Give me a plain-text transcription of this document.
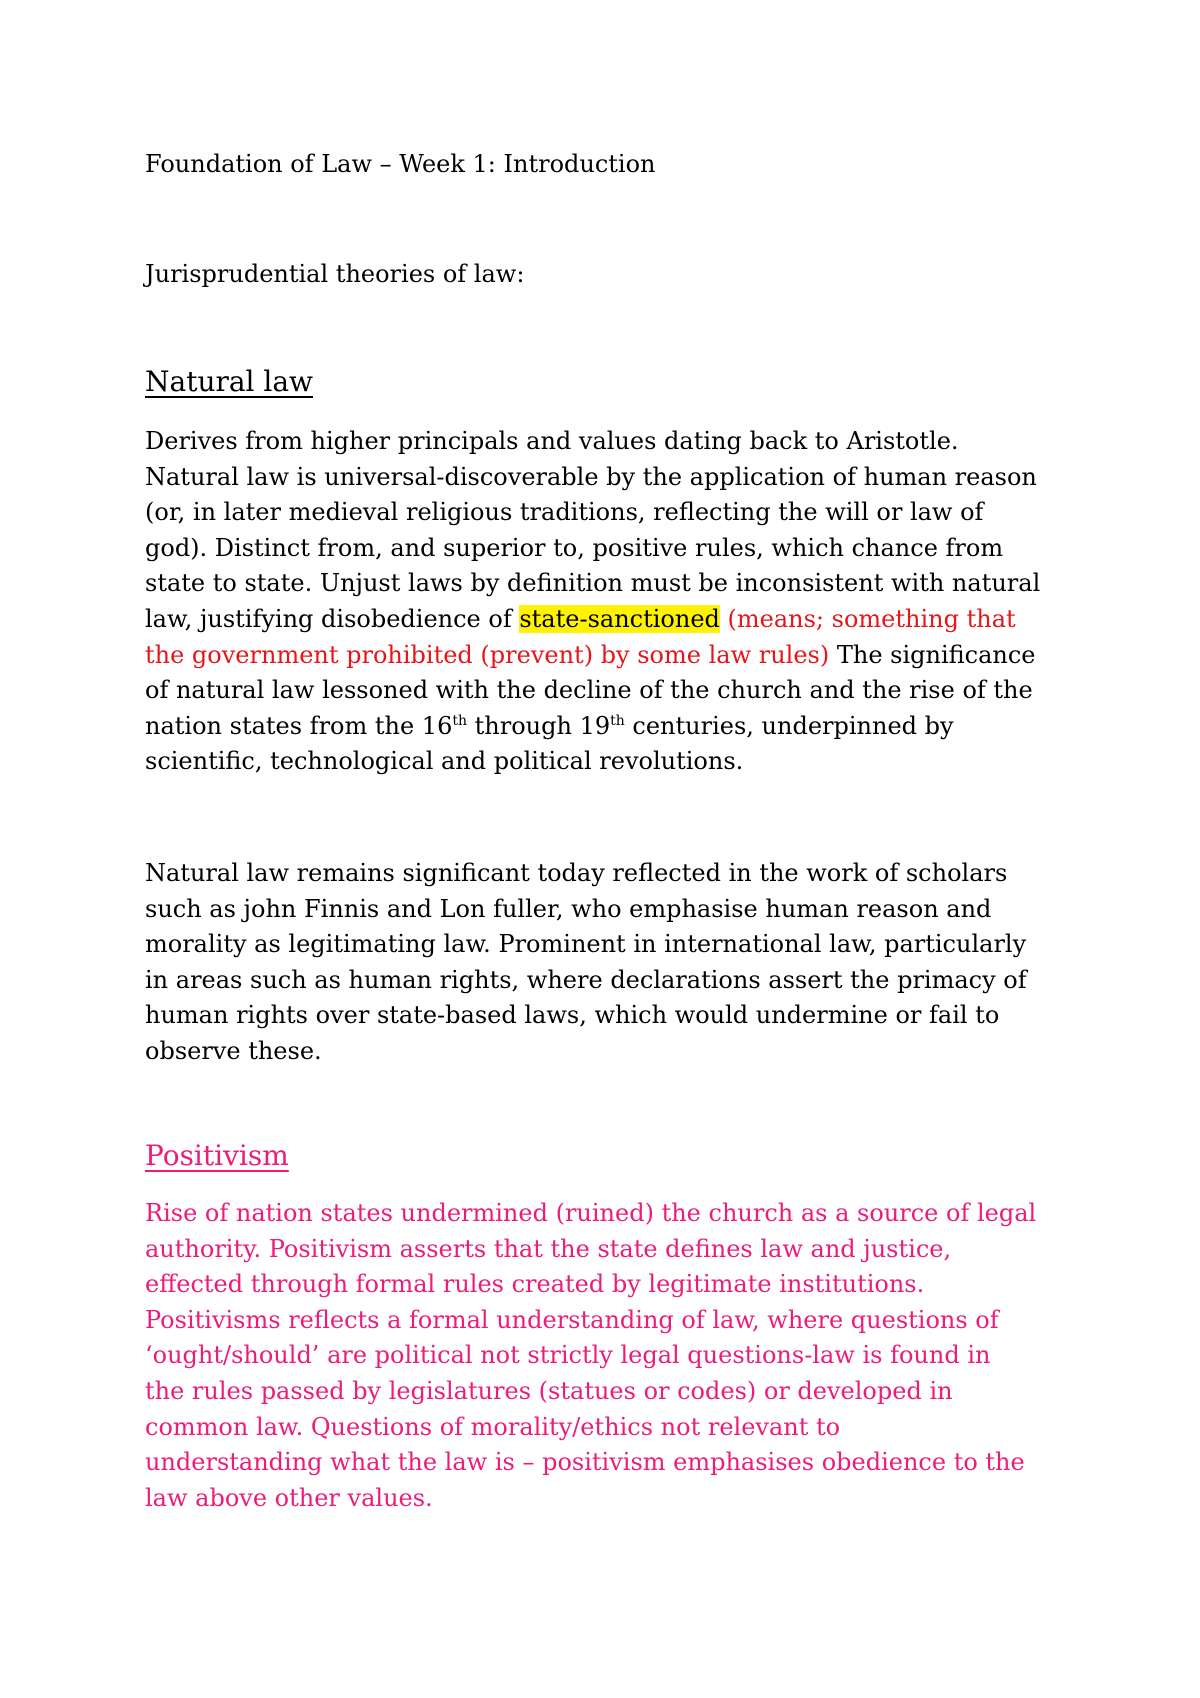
Foundation of Law – Week 1: Introduction
Jurisprudential theories of law:
Natural law
Derives from higher principals and values dating back to Aristotle.
Natural law is universal-discoverable by the application of human reason
(or, in later medieval religious traditions, reflecting the will or law of
god). Distinct from, and superior to, positive rules, which chance from
state to state. Unjust laws by definition must be inconsistent with natural
law, justifying disobedience of state-sanctioned (means; something that
the government prohibited (prevent) by some law rules) The significance
of natural law lessoned with the decline of the church and the rise of the
nation states from the 16th through 19th centuries, underpinned by
scientific, technological and political revolutions.
Natural law remains significant today reflected in the work of scholars
such as john Finnis and Lon fuller, who emphasise human reason and
morality as legitimating law. Prominent in international law, particularly
in areas such as human rights, where declarations assert the primacy of
human rights over state-based laws, which would undermine or fail to
observe these.
Positivism
Rise of nation states undermined (ruined) the church as a source of legal
authority. Positivism asserts that the state defines law and justice,
effected through formal rules created by legitimate institutions.
Positivisms reflects a formal understanding of law, where questions of
‘ought/should’ are political not strictly legal questions-law is found in
the rules passed by legislatures (statues or codes) or developed in
common law. Questions of morality/ethics not relevant to
understanding what the law is – positivism emphasises obedience to the
law above other values.
